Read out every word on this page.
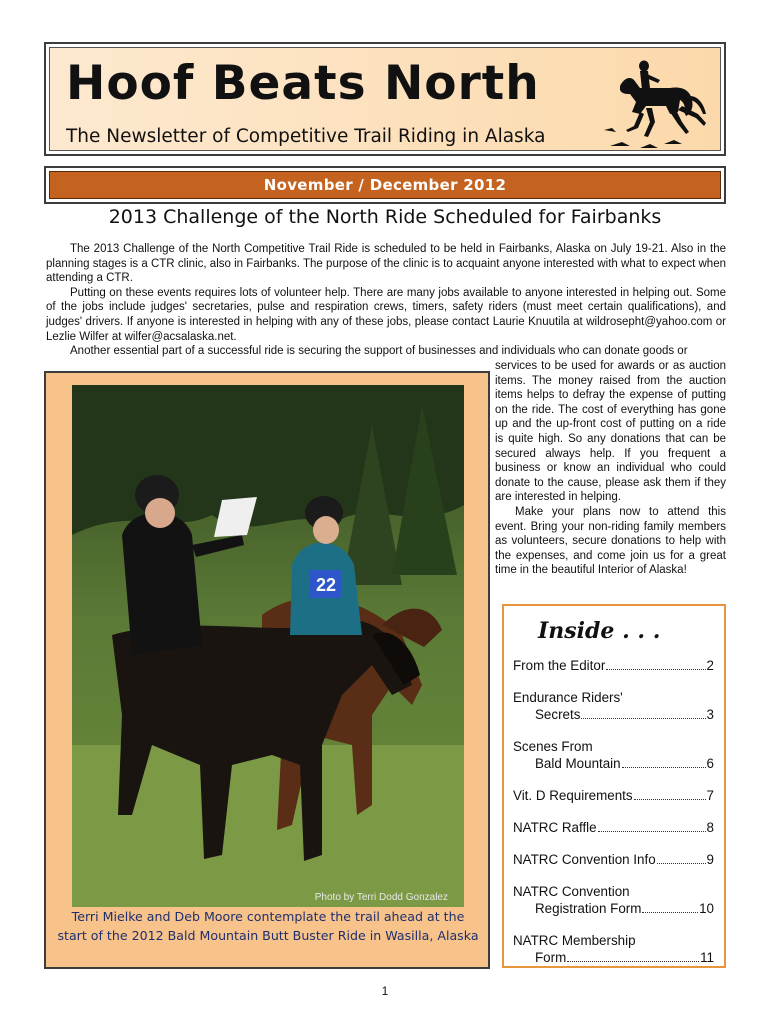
Hoof Beats North

The Newsletter of Competitive Trail Riding in Alaska

November / December 2012
2013 Challenge of the North Ride Scheduled for Fairbanks

The 2013 Challenge of the North Competitive Trail Ride is scheduled to be held in Fairbanks, Alaska on July 19-21. Also in the planning stages is a CTR clinic, also in Fairbanks. The purpose of the clinic is to acquaint anyone interested with what to expect when attending a CTR.

Putting on these events requires lots of volunteer help. There are many jobs available to anyone interested in helping out. Some of the jobs include judges' secretaries, pulse and respiration crews, timers, safety riders (must meet certain qualifications), and judges' drivers. If anyone is interested in helping with any of these jobs, please contact Laurie Knuutila at wildrosepht@yahoo.com or Lezlie Wilfer at wilfer@acsalaska.net.

Another essential part of a successful ride is securing the support of businesses and individuals who can donate goods or

22
Photo by Terri Dodd Gonzalez

Terri Mielke and Deb Moore contemplate the trail ahead at the start of the 2012 Bald Mountain Butt Buster Ride in Wasilla, Alaska

services to be used for awards or as auction items. The money raised from the auction items helps to defray the expense of putting on the ride. The cost of everything has gone up and the up-front cost of putting on a ride is quite high. So any donations that can be secured always help. If you frequent a business or know an individual who could donate to the cause, please ask them if they are interested in helping.

Make your plans now to attend this event. Bring your non-riding family members as volunteers, secure donations to help with the expenses, and come join us for a great time in the beautiful Interior of Alaska!

Inside . . .
From the Editor	2
Endurance Riders'
Secrets	3
Scenes From
Bald Mountain	6
Vit. D Requirements	7
NATRC Raffle	8
NATRC Convention Info	9
NATRC Convention
Registration Form	10
NATRC Membership
Form	11
1
